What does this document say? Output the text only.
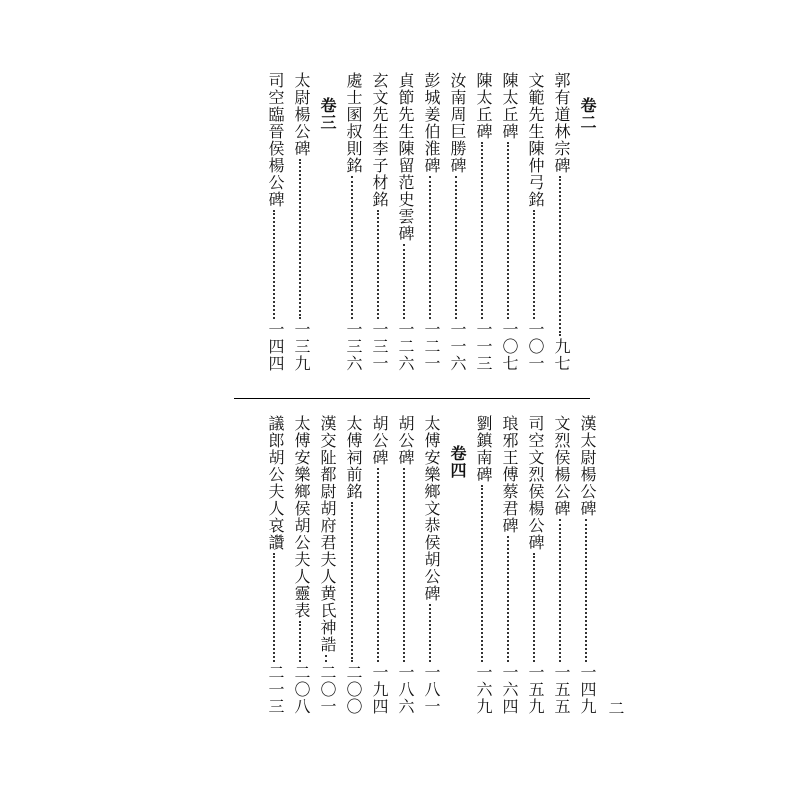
卷二
郭有道林宗碑
九七
文範先生陳仲弓銘
一〇一
陳太丘碑
一〇七
陳太丘碑
一一三
汝南周巨勝碑
一一六
彭城姜伯淮碑
一二一
貞節先生陳留范史雲碑
一二六
玄文先生李子材銘
一三一
處士圂叔則銘
一三六
卷三
太尉楊公碑
一三九
司空臨晉侯楊公碑
一四四
漢太尉楊公碑
一四九
文烈侯楊公碑
一五五
司空文烈侯楊公碑
一五九
琅邪王傅蔡君碑
一六四
劉鎮南碑
一六九
卷四
太傅安樂鄉文恭侯胡公碑
一八一
胡公碑
一八六
胡公碑
一九四
太傅祠前銘
二〇〇
漢交阯都尉胡府君夫人黄氏神誥
二〇一
太傅安樂鄉侯胡公夫人靈表
二〇八
議郎胡公夫人哀讚
二一三	二
